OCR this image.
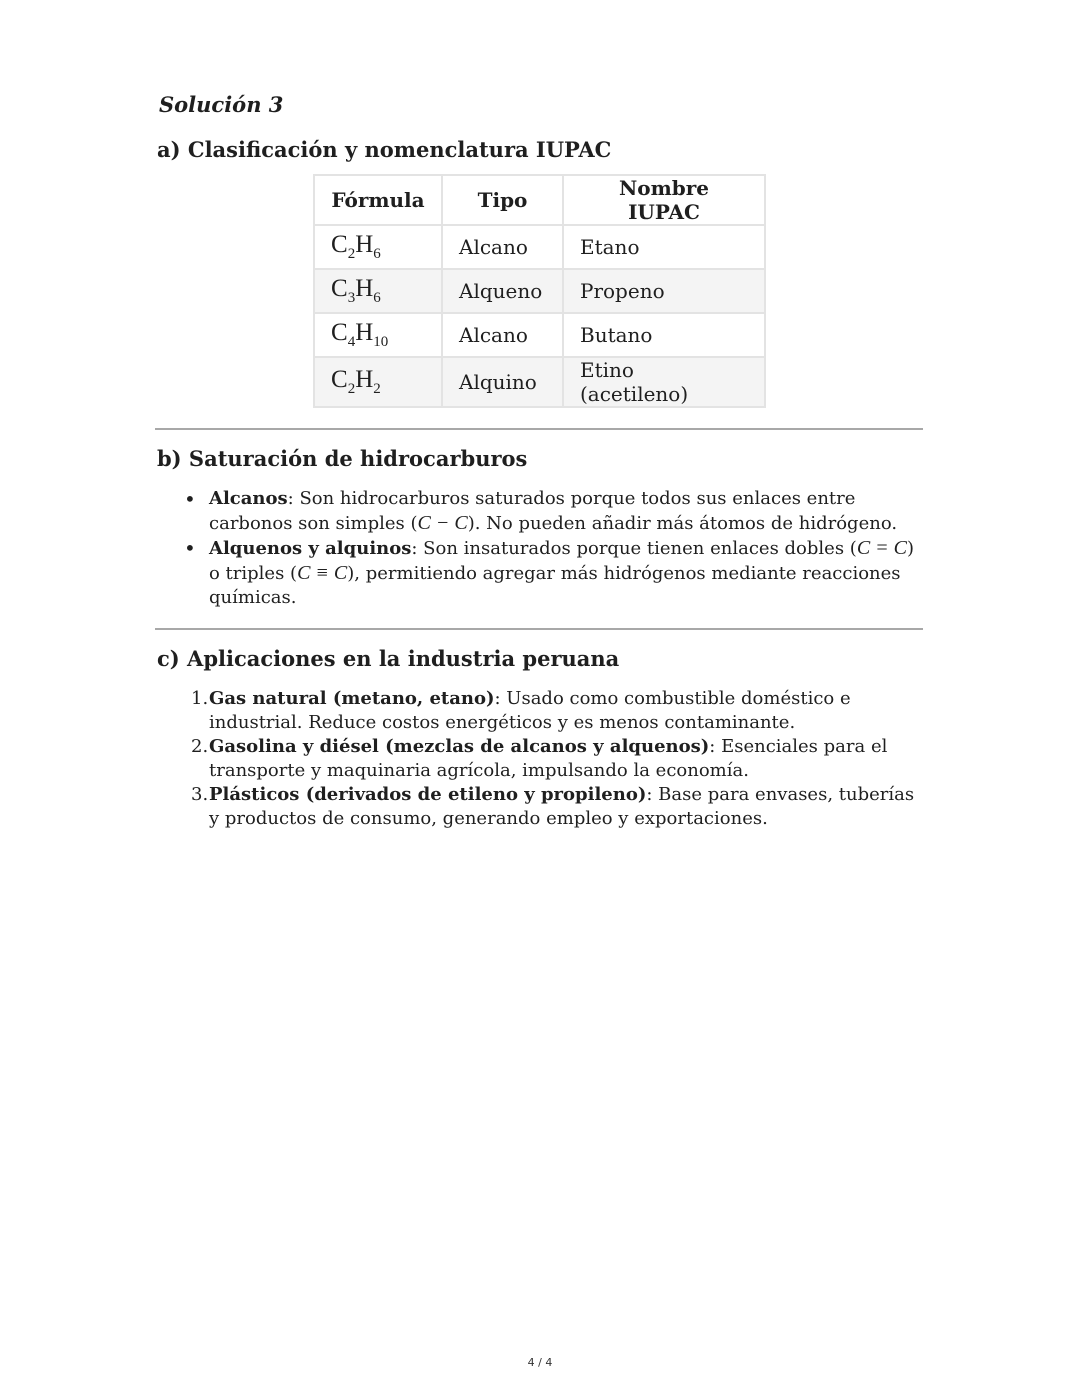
Solución 3
a) Clasificación y nomenclatura IUPAC
Fórmula	Tipo	Nombre IUPAC
$C_2H_6$	Alcano	Etano
$C_3H_6$	Alqueno	Propeno
$C_4H_{10}$	Alcano	Butano
$C_2H_2$	Alquino	Etino (acetileno)
b) Saturación de hidrocarburos
• Alcanos: Son hidrocarburos saturados porque todos sus enlaces entre carbonos son simples (C − C). No pueden añadir más átomos de hidrógeno.
• Alquenos y alquinos: Son insaturados porque tienen enlaces dobles (C = C) o triples (C ≡ C), permitiendo agregar más hidrógenos mediante reacciones químicas.
c) Aplicaciones en la industria peruana
1. Gas natural (metano, etano): Usado como combustible doméstico e industrial. Reduce costos energéticos y es menos contaminante.
2. Gasolina y diésel (mezclas de alcanos y alquenos): Esenciales para el transporte y maquinaria agrícola, impulsando la economía.
3. Plásticos (derivados de etileno y propileno): Base para envases, tuberías y productos de consumo, generando empleo y exportaciones.
4 / 4
